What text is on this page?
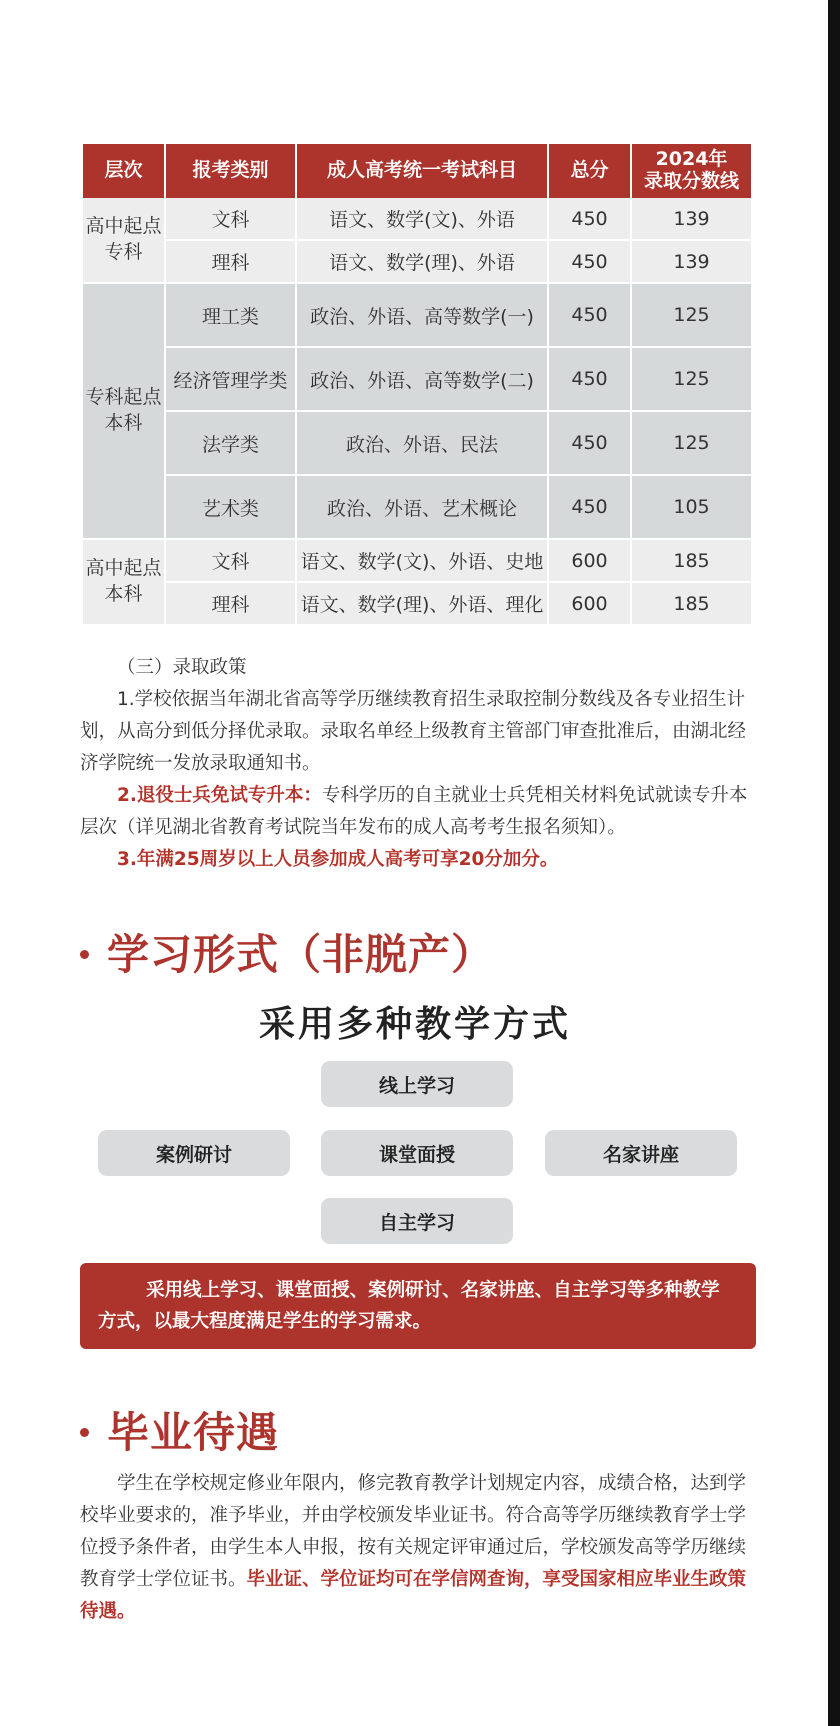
层次	报考类别	成人高考统一考试科目	总分	2024年
录取分数线
高中起点
专科	文科	语文、数学(文)、外语	450	139
	理科	语文、数学(理)、外语	450	139
专科起点
本科	理工类	政治、外语、高等数学(一)	450	125
	经济管理学类	政治、外语、高等数学(二)	450	125
	法学类	政治、外语、民法	450	125
	艺术类	政治、外语、艺术概论	450	105
高中起点
本科	文科	语文、数学(文)、外语、史地	600	185
	理科	语文、数学(理)、外语、理化	600	185

（三）录取政策

1.学校依据当年湖北省高等学历继续教育招生录取控制分数线及各专业招生计划，从高分到低分择优录取。录取名单经上级教育主管部门审查批准后，由湖北经济学院统一发放录取通知书。

2.退役士兵免试专升本：专科学历的自主就业士兵凭相关材料免试就读专升本层次（详见湖北省教育考试院当年发布的成人高考考生报名须知）。

3.年满25周岁以上人员参加成人高考可享20分加分。

学习形式（非脱产）
采用多种教学方式
线上学习
案例研讨	课堂面授	名家讲座
自主学习

采用线上学习、课堂面授、案例研讨、名家讲座、自主学习等多种教学方式，以最大程度满足学生的学习需求。

毕业待遇

学生在学校规定修业年限内，修完教育教学计划规定内容，成绩合格，达到学校毕业要求的，准予毕业，并由学校颁发毕业证书。符合高等学历继续教育学士学位授予条件者，由学生本人申报，按有关规定评审通过后，学校颁发高等学历继续教育学士学位证书。毕业证、学位证均可在学信网查询，享受国家相应毕业生政策待遇。
